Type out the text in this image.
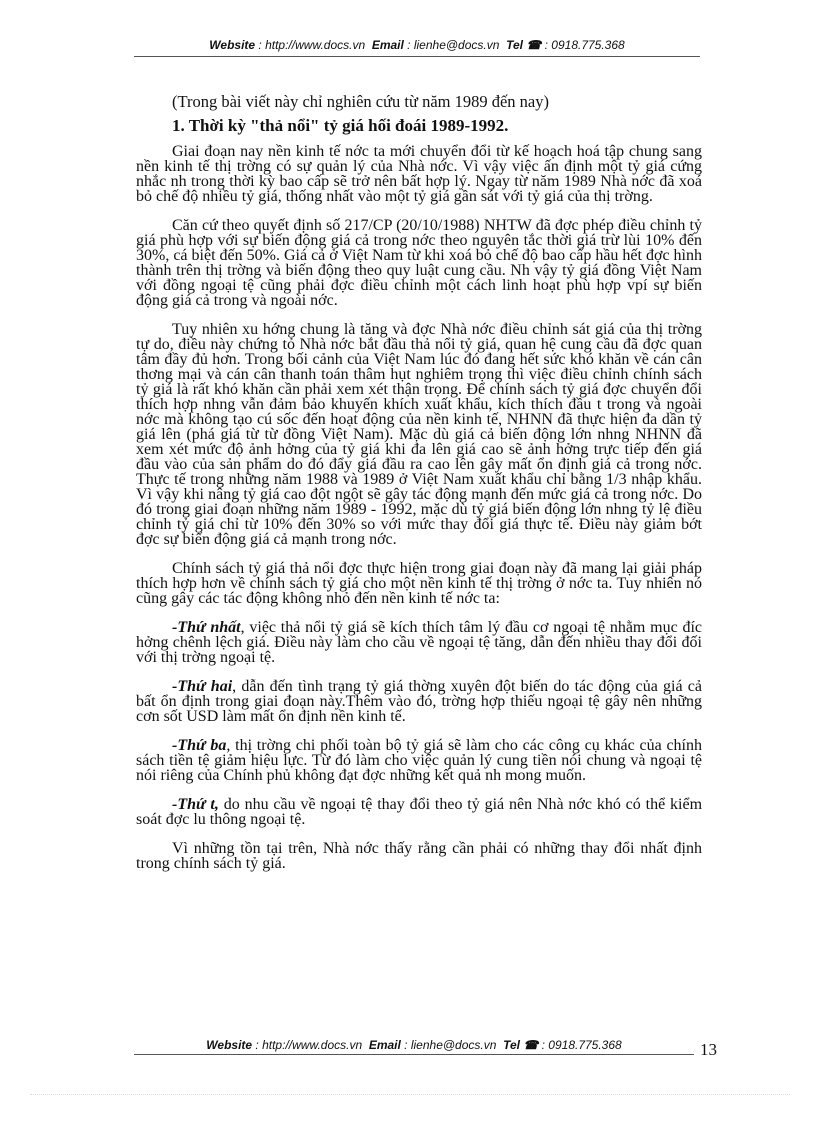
Website : http://www.docs.vn Email : lienhe@docs.vn Tel ☎ : 0918.775.368

(Trong bài viết này chỉ nghiên cứu từ năm 1989 đến nay)

1. Thời kỳ "thả nổi" tỷ giá hối đoái 1989-1992.

Giai đoạn nay nền kinh tế nớc ta mới chuyển đổi từ kế hoạch hoá tập chung sang nền kinh tế thị trờng có sự quản lý của Nhà nớc. Vì vậy việc ấn định một tỷ giá cứng nhắc nh trong thời kỳ bao cấp sẽ trở nên bất hợp lý. Ngay từ năm 1989 Nhà nớc đã xoá bỏ chế độ nhiều tỷ giá, thống nhất vào một tỷ giá gần sát với tỷ giá của thị trờng.

Căn cứ theo quyết định số 217/CP (20/10/1988) NHTW đã đợc phép điều chỉnh tỷ giá phù hợp với sự biến động giá cả trong nớc theo nguyên tắc thời giá trừ lùi 10% đến 30%, cá biệt đến 50%. Giá cả ở Việt Nam từ khi xoá bỏ chế độ bao cấp hầu hết đợc hình thành trên thị trờng và biến động theo quy luật cung cầu. Nh vậy tỷ giá đồng Việt Nam với đồng ngoại tệ cũng phải đợc điều chỉnh một cách linh hoạt phù hợp vpí sự biến động giá cả trong và ngoài nớc.

Tuy nhiên xu hớng chung là tăng và đợc Nhà nớc điều chỉnh sát giá của thị trờng tự do, điều này chứng tỏ Nhà nớc bắt đầu thả nổi tỷ giá, quan hệ cung cầu đã đợc quan tâm đầy đủ hơn. Trong bối cảnh của Việt Nam lúc đó đang hết sức khó khăn về cán cân thơng mại và cán cân thanh toán thâm hụt nghiêm trọng thì việc điều chỉnh chính sách tỷ giá là rất khó khăn cần phải xem xét thận trọng. Để chính sách tỷ giá đợc chuyển đổi thích hợp nhng vẫn đảm bảo khuyến khích xuất khẩu, kích thích đầu t trong và ngoài nớc mà không tạo cú sốc đến hoạt động của nền kinh tế, NHNN đã thực hiện đa dần tỷ giá lên (phá giá từ từ đồng Việt Nam). Mặc dù giá cả biến động lớn nhng NHNN đã xem xét mức độ ảnh hởng của tỷ giá khi đa lên giá cao sẽ ảnh hởng trực tiếp đến giá đầu vào của sản phẩm do đó đẩy giá đầu ra cao lên gây mất ổn định giá cả trong nớc. Thực tế trong những năm 1988 và 1989 ở Việt Nam xuất khẩu chỉ bằng 1/3 nhập khẩu. Vì vậy khi nâng tỷ giá cao đột ngột sẽ gây tác động mạnh đến mức giá cả trong nớc. Do đó trong giai đoạn những năm 1989 - 1992, mặc dù tỷ giá biến động lớn nhng tỷ lệ điều chỉnh tỷ giá chỉ từ 10% đến 30% so với mức thay đổi giá thực tế. Điều này giảm bớt đợc sự biến động giá cả mạnh trong nớc.

Chính sách tỷ giá thả nổi đợc thực hiện trong giai đoạn này đã mang lại giải pháp thích hợp hơn về chính sách tỷ giá cho một nền kinh tế thị trờng ở nớc ta. Tuy nhiên nó cũng gây các tác động không nhỏ đến nền kinh tế nớc ta:

-Thứ nhất, việc thả nổi tỷ giá sẽ kích thích tâm lý đầu cơ ngoại tệ nhằm mục đíc hởng chênh lệch giá. Điều này làm cho cầu về ngoại tệ tăng, dẫn đến nhiều thay đổi đối với thị trờng ngoại tệ.

-Thứ hai, dẫn đến tình trạng tỷ giá thờng xuyên đột biến do tác động của giá cả bất ổn định trong giai đoạn này.Thêm vào đó, trờng hợp thiếu ngoại tệ gây nên những cơn sốt USD làm mất ổn định nền kinh tế.

-Thứ ba, thị trờng chi phối toàn bộ tỷ giá sẽ làm cho các công cụ khác của chính sách tiền tệ giảm hiệu lực. Từ đó làm cho việc quản lý cung tiền nói chung và ngoại tệ nói riêng của Chính phủ không đạt đợc những kết quả nh mong muốn.

-Thứ t, do nhu cầu về ngoại tệ thay đổi theo tỷ giá nên Nhà nớc khó có thể kiểm soát đợc lu thông ngoại tệ.

Vì những tồn tại trên, Nhà nớc thấy rằng cần phải có những thay đổi nhất định trong chính sách tỷ giá.

Website : http://www.docs.vn Email : lienhe@docs.vn Tel ☎ : 0918.775.368	13
